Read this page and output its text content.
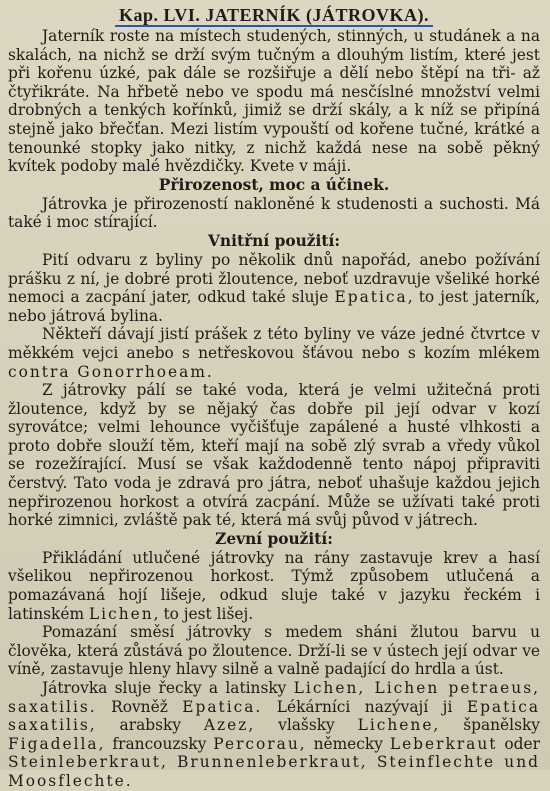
Kap. LVI. JATERNÍK (JÁTROVKA).

Jaterník roste na místech studených, stinných, u studánek a na skalách, na nichž se drží svým tučným a dlouhým listím, které jest při kořenu úzké, pak dále se rozšiřuje a dělí nebo štěpí na tři- až čtyřikráte. Na hřbetě nebo ve spodu má nesčíslné množství velmi drobných a tenkých kořínků, jimiž se drží skály, a k níž se připíná stejně jako břečťan. Mezi listím vypouští od kořene tučné, krátké a tenounké stopky jako nitky, z nichž každá nese na sobě pěkný kvítek podoby malé hvězdičky. Kvete v máji.

Přirozenost, moc a účinek.

Játrovka je přirozeností nakloněné k studenosti a suchosti. Má také i moc stírající.

Vnitřní použití:

Pití odvaru z byliny po několik dnů napořád, anebo požívání prášku z ní, je dobré proti žloutence, neboť uzdravuje všeliké horké nemoci a zacpání jater, odkud také sluje Epatica, to jest jaterník, nebo játrová bylina.

Někteří dávají jistí prášek z této byliny ve váze jedné čtvrtce v měkkém vejci anebo s netřeskovou šťávou nebo s kozím mlékem contra Gonorrhoeam.

Z játrovky pálí se také voda, která je velmi užitečná proti žloutence, když by se nějaký čas dobře pil její odvar v kozí syrovátce; velmi lehounce vyčišťuje zapálené a husté vlhkosti a proto dobře slouží těm, kteří mají na sobě zlý svrab a vředy vůkol se rozežírající. Musí se však každodenně tento nápoj připraviti čerstvý. Tato voda je zdravá pro játra, neboť uhašuje každou jejich nepřirozenou horkost a otvírá zacpání. Může se užívati také proti horké zimnici, zvláště pak té, která má svůj původ v játrech.

Zevní použití:

Přikládání utlučené játrovky na rány zastavuje krev a hasí všelikou nepřirozenou horkost. Týmž způsobem utlučená a pomazávaná hojí lišeje, odkud sluje také v jazyku řeckém i latinském Lichen, to jest lišej.

Pomazání směsí játrovky s medem sháni žlutou barvu u člověka, která zůstává po žloutence. Drží-li se v ústech její odvar ve víně, zastavuje hleny hlavy silně a valně padající do hrdla a úst.

Játrovka sluje řecky a latinsky Lichen, Lichen petraeus, saxatilis. Rovněž Epatica. Lékárníci nazývají ji Epatica saxatilis, arabsky Azez, vlašsky Lichene, španělsky Figadella, francouzsky Percorau, německy Leberkraut oder Steinleberkraut, Brunnenleberkraut, Steinflechte und Moosflechte.
